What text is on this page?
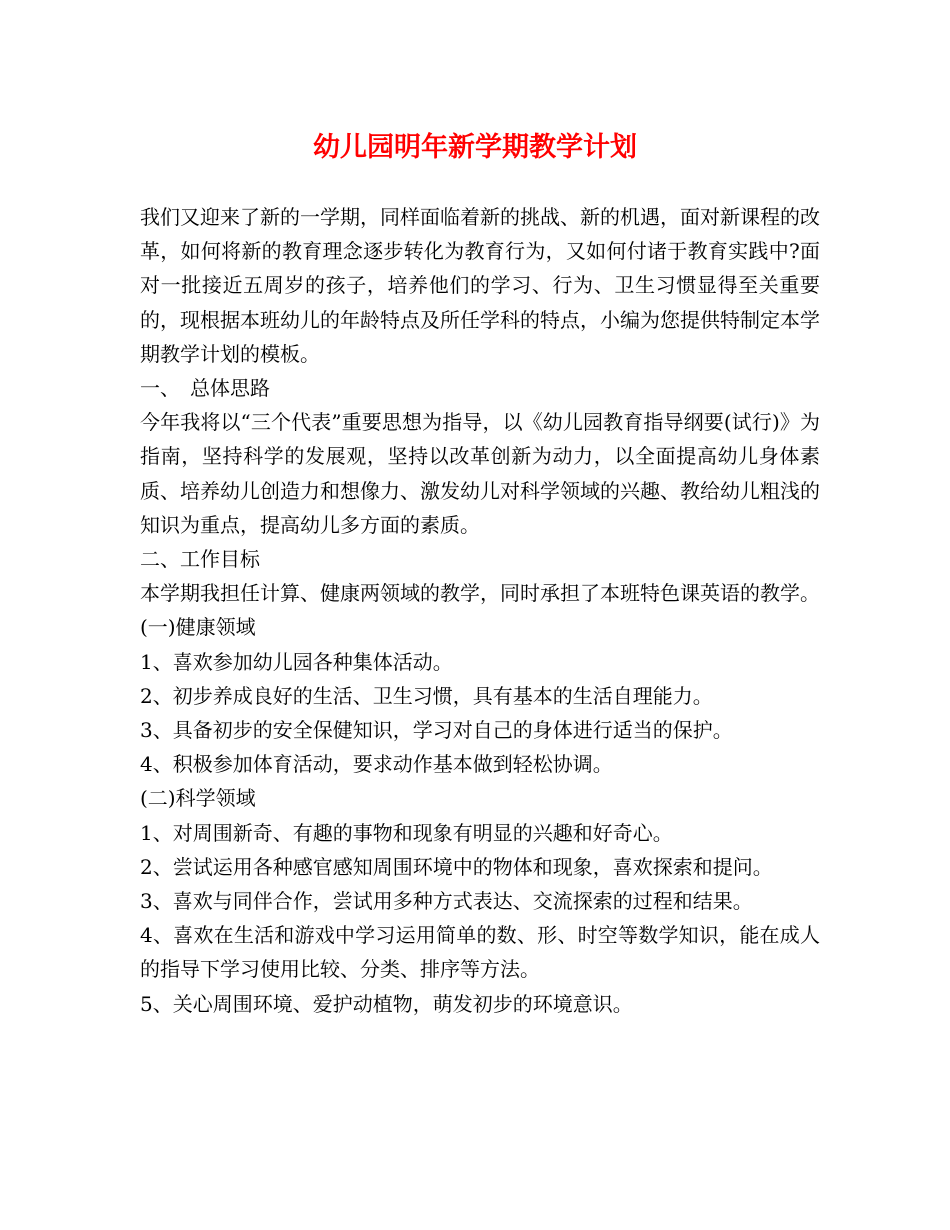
幼儿园明年新学期教学计划

我们又迎来了新的一学期，同样面临着新的挑战、新的机遇，面对新课程的改革，如何将新的教育理念逐步转化为教育行为，又如何付诸于教育实践中?面对一批接近五周岁的孩子，培养他们的学习、行为、卫生习惯显得至关重要的，现根据本班幼儿的年龄特点及所任学科的特点，小编为您提供特制定本学期教学计划的模板。

一、　总体思路

今年我将以“三个代表”重要思想为指导，以《幼儿园教育指导纲要(试行)》为指南，坚持科学的发展观，坚持以改革创新为动力，以全面提高幼儿身体素质、培养幼儿创造力和想像力、激发幼儿对科学领域的兴趣、教给幼儿粗浅的知识为重点，提高幼儿多方面的素质。

二、工作目标

本学期我担任计算、健康两领域的教学，同时承担了本班特色课英语的教学。

(一)健康领域

1、喜欢参加幼儿园各种集体活动。

2、初步养成良好的生活、卫生习惯，具有基本的生活自理能力。

3、具备初步的安全保健知识，学习对自己的身体进行适当的保护。

4、积极参加体育活动，要求动作基本做到轻松协调。

(二)科学领域

1、对周围新奇、有趣的事物和现象有明显的兴趣和好奇心。

2、尝试运用各种感官感知周围环境中的物体和现象，喜欢探索和提问。

3、喜欢与同伴合作，尝试用多种方式表达、交流探索的过程和结果。

4、喜欢在生活和游戏中学习运用简单的数、形、时空等数学知识，能在成人的指导下学习使用比较、分类、排序等方法。

5、关心周围环境、爱护动植物，萌发初步的环境意识。
